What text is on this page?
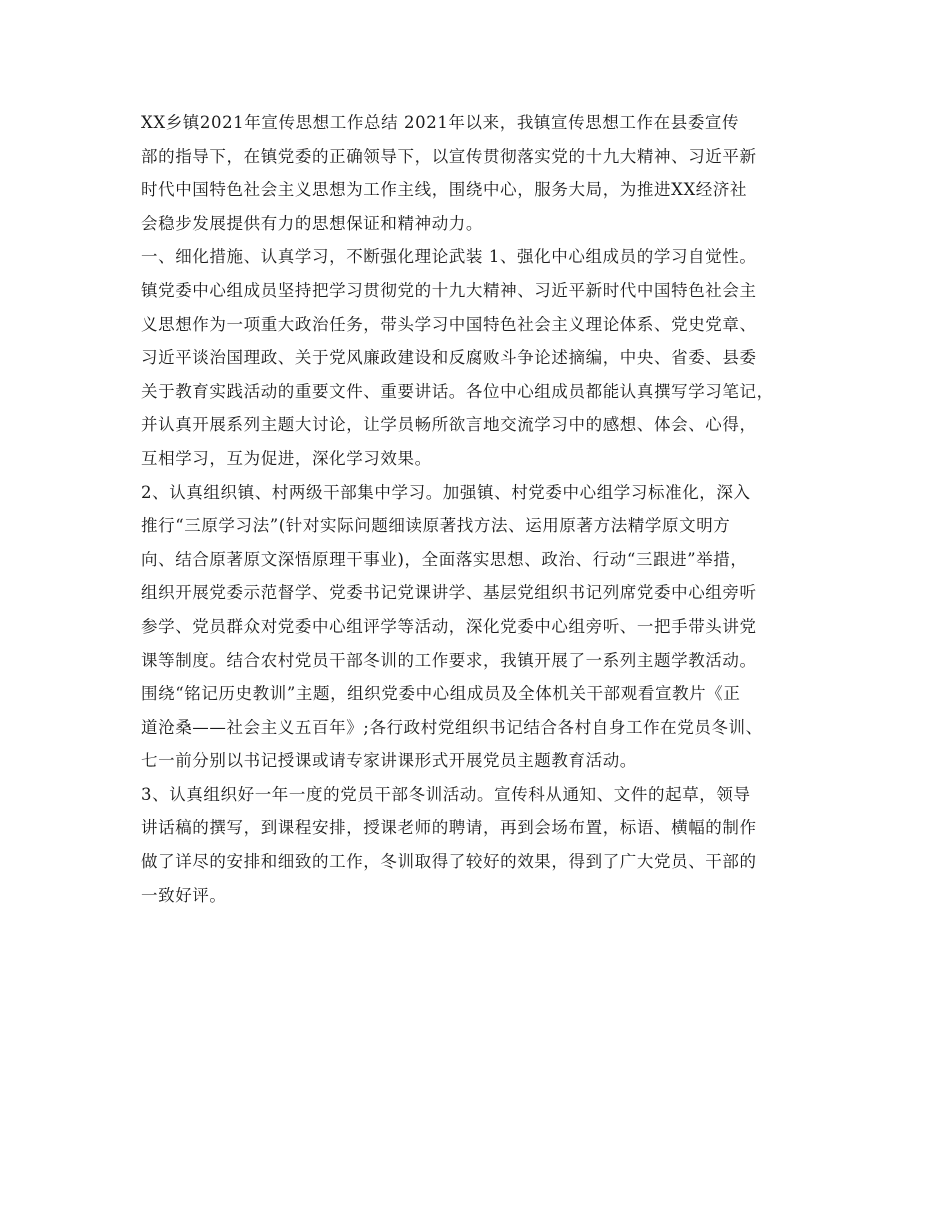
XX乡镇2021年宣传思想工作总结 2021年以来，我镇宣传思想工作在县委宣传
部的指导下，在镇党委的正确领导下，以宣传贯彻落实党的十九大精神、习近平新
时代中国特色社会主义思想为工作主线，围绕中心，服务大局，为推进XX经济社
会稳步发展提供有力的思想保证和精神动力。
一、细化措施、认真学习，不断强化理论武装 1、强化中心组成员的学习自觉性。
镇党委中心组成员坚持把学习贯彻党的十九大精神、习近平新时代中国特色社会主
义思想作为一项重大政治任务，带头学习中国特色社会主义理论体系、党史党章、
习近平谈治国理政、关于党风廉政建设和反腐败斗争论述摘编，中央、省委、县委
关于教育实践活动的重要文件、重要讲话。各位中心组成员都能认真撰写学习笔记，
并认真开展系列主题大讨论，让学员畅所欲言地交流学习中的感想、体会、心得，
互相学习，互为促进，深化学习效果。
2、认真组织镇、村两级干部集中学习。加强镇、村党委中心组学习标准化，深入
推行“三原学习法”(针对实际问题细读原著找方法、运用原著方法精学原文明方
向、结合原著原文深悟原理干事业)，全面落实思想、政治、行动“三跟进”举措，
组织开展党委示范督学、党委书记党课讲学、基层党组织书记列席党委中心组旁听
参学、党员群众对党委中心组评学等活动，深化党委中心组旁听、一把手带头讲党
课等制度。结合农村党员干部冬训的工作要求，我镇开展了一系列主题学教活动。
围绕“铭记历史教训”主题，组织党委中心组成员及全体机关干部观看宣教片《正
道沧桑——社会主义五百年》;各行政村党组织书记结合各村自身工作在党员冬训、
七一前分别以书记授课或请专家讲课形式开展党员主题教育活动。
3、认真组织好一年一度的党员干部冬训活动。宣传科从通知、文件的起草，领导
讲话稿的撰写，到课程安排，授课老师的聘请，再到会场布置，标语、横幅的制作
做了详尽的安排和细致的工作，冬训取得了较好的效果，得到了广大党员、干部的
一致好评。
